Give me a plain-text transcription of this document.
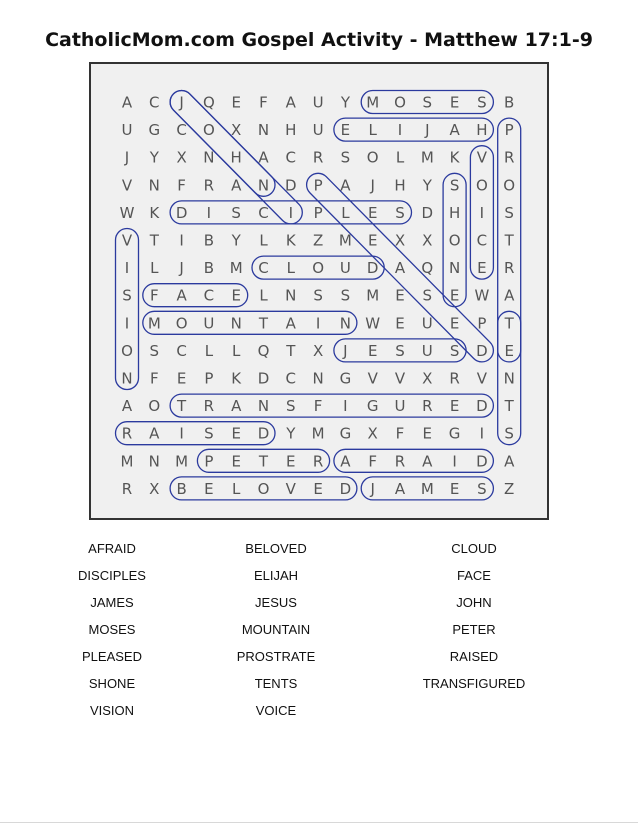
CatholicMom.com Gospel Activity - Matthew 17:1-9
A C J Q E F A U Y M O S E S B
U G C O X N H U E L I J A H P
J Y X N H A C R S O L M K V R
V N F R A N D P A J H Y S O O
W K D I S C I P L E S D H I S
V T I B Y L K Z M E X X O C T
I L J B M C L O U D A Q N E R
S F A C E L N S S M E S E W A
I M O U N T A I N W E U E P T
O S C L L Q T X J E S U S D E
N F E P K D C N G V V X R V N
A O T R A N S F I G U R E D T
R A I S E D Y M G X F E G I S
M N M P E T E R A F R A I D A
R X B E L O V E D J A M E S Z
AFRAID
DISCIPLES
JAMES
MOSES
PLEASED
SHONE
VISION
BELOVED
ELIJAH
JESUS
MOUNTAIN
PROSTRATE
TENTS
VOICE
CLOUD
FACE
JOHN
PETER
RAISED
TRANSFIGURED
